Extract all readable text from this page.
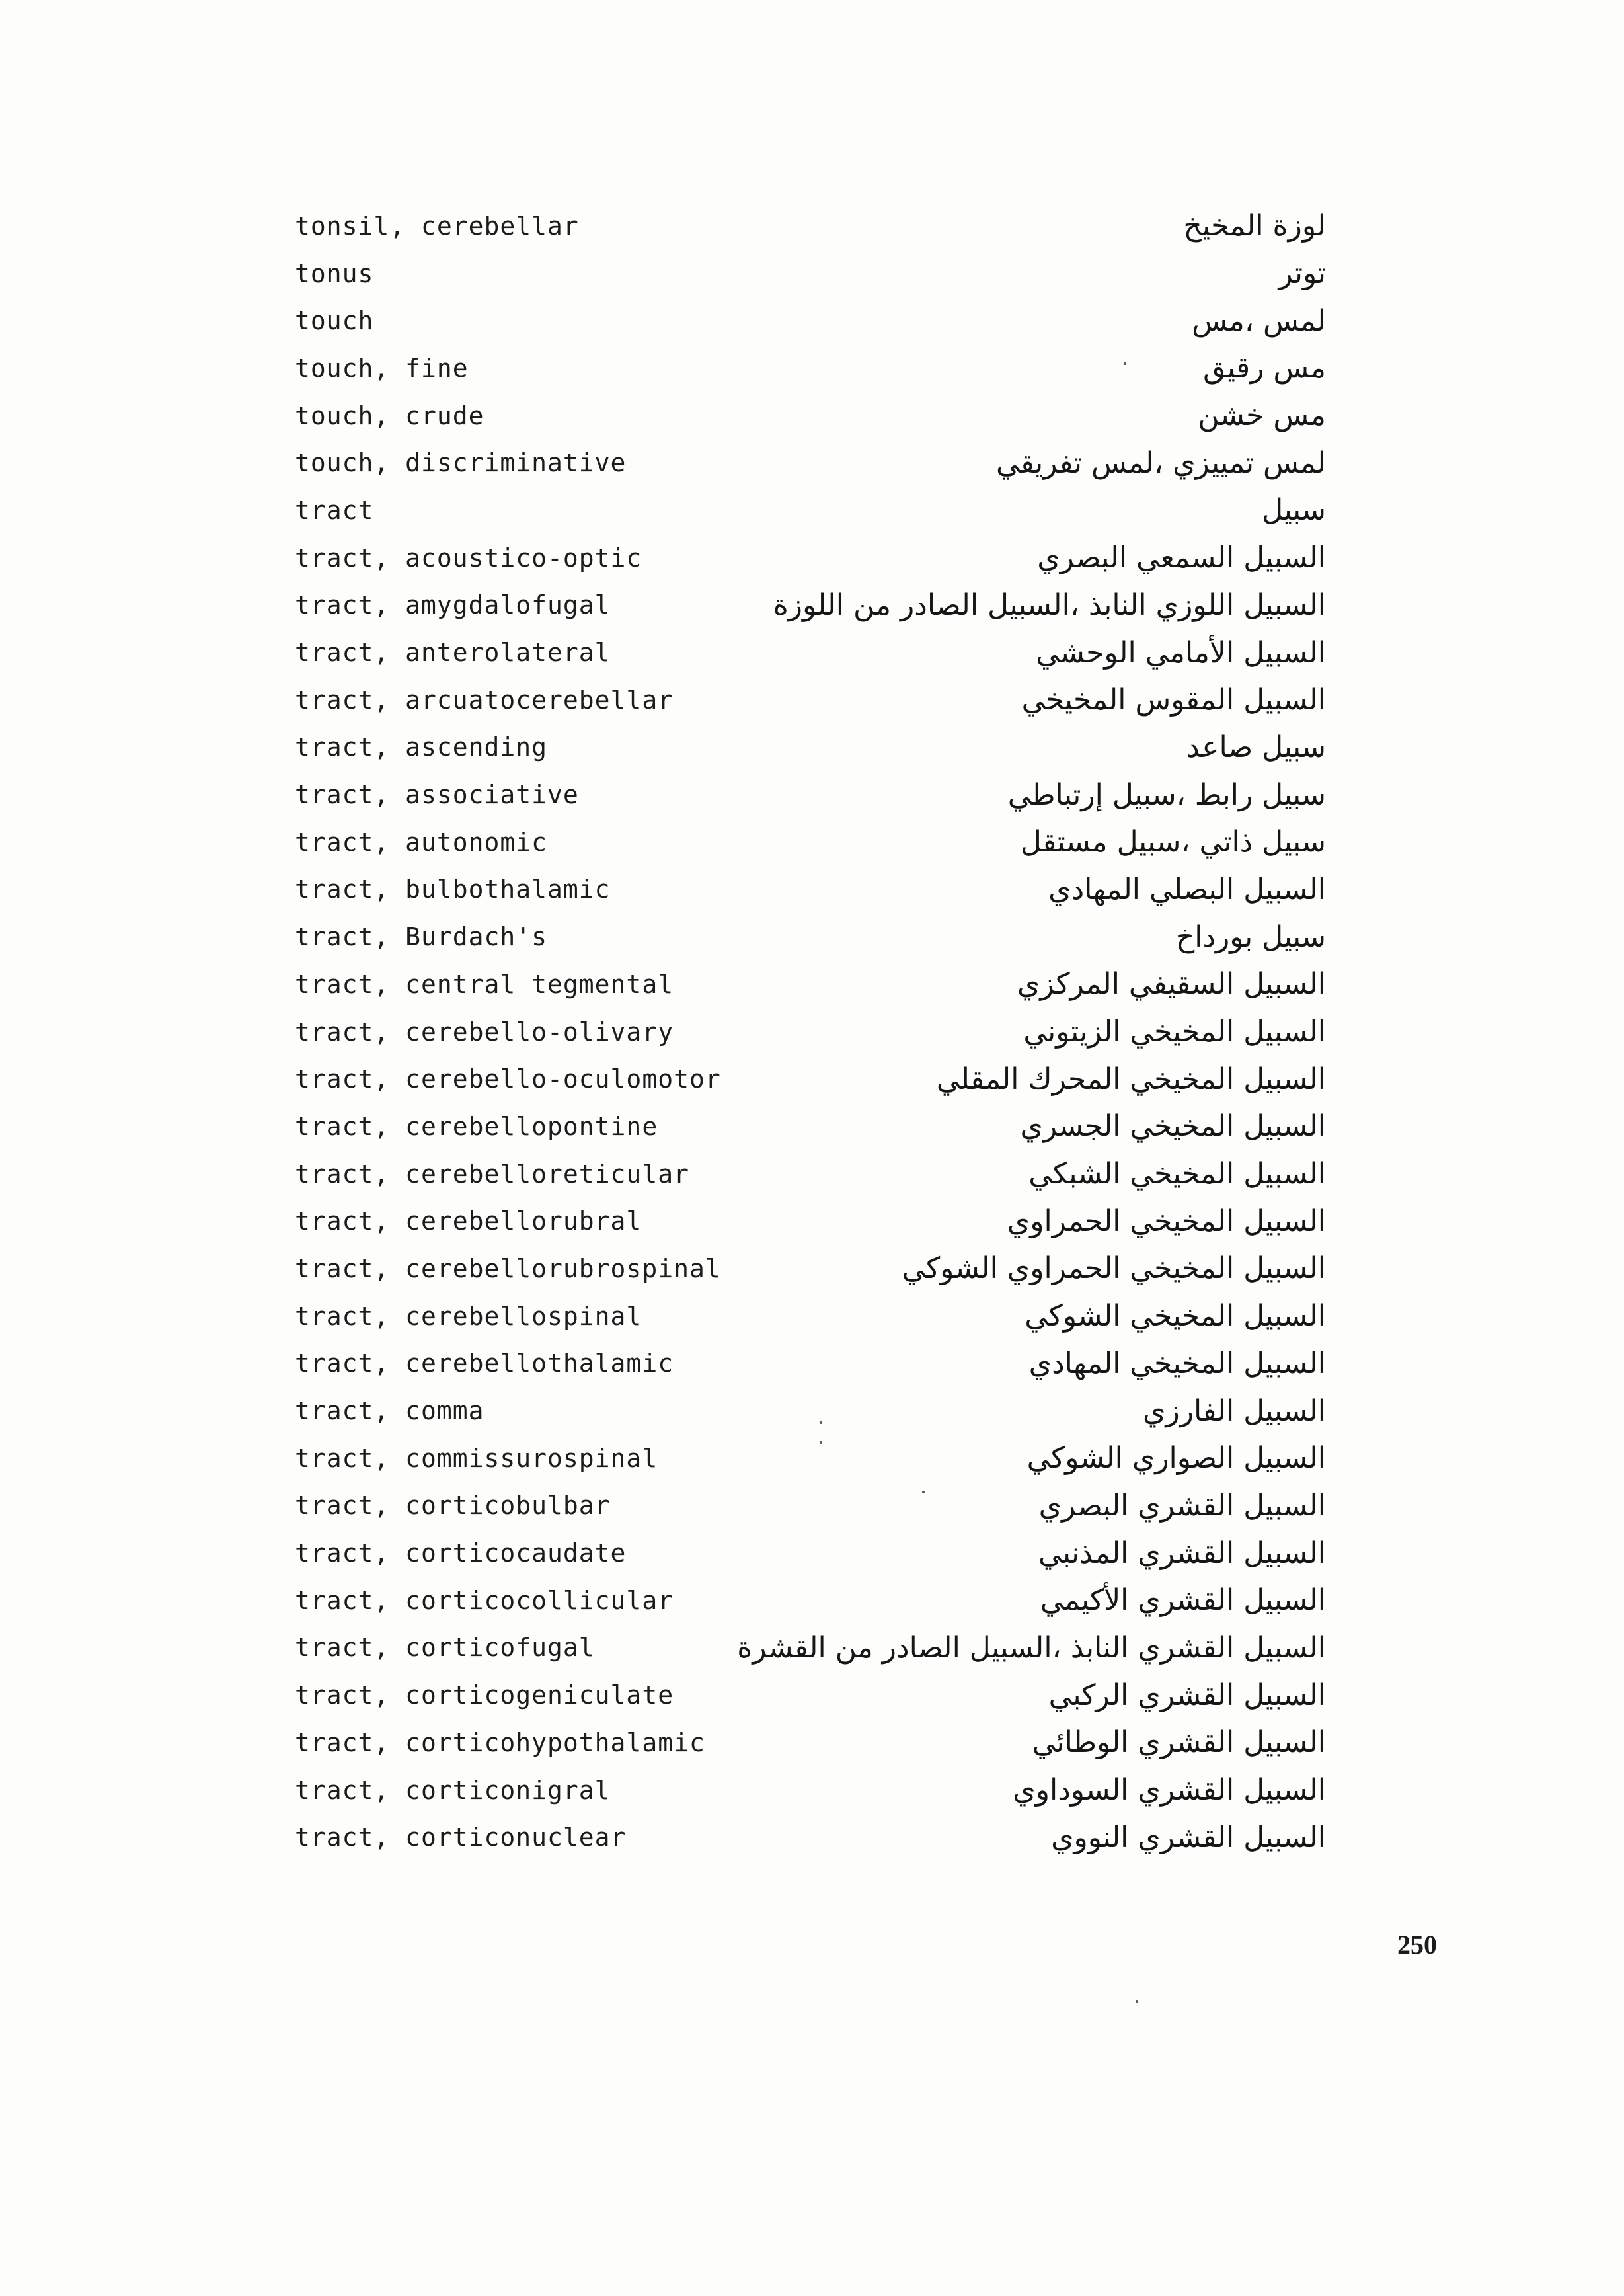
tonsil, cerebellar	لوزة المخيخ
tonus	توتر
touch	لمس ،مس
touch, fine	مس رقيق
touch, crude	مس خشن
touch, discriminative	لمس تمييزي ،لمس تفريقي
tract	سبيل
tract, acoustico-optic	السبيل السمعي البصري
tract, amygdalofugal	السبيل اللوزي النابذ ،السبيل الصادر من اللوزة
tract, anterolateral	السبيل الأمامي الوحشي
tract, arcuatocerebellar	السبيل المقوس المخيخي
tract, ascending	سبيل صاعد
tract, associative	سبيل رابط ،سبيل إرتباطي
tract, autonomic	سبيل ذاتي ،سبيل مستقل
tract, bulbothalamic	السبيل البصلي المهادي
tract, Burdach's	سبيل بورداخ
tract, central tegmental	السبيل السقيفي المركزي
tract, cerebello-olivary	السبيل المخيخي الزيتوني
tract, cerebello-oculomotor	السبيل المخيخي المحرك المقلي
tract, cerebellopontine	السبيل المخيخي الجسري
tract, cerebelloreticular	السبيل المخيخي الشبكي
tract, cerebellorubral	السبيل المخيخي الحمراوي
tract, cerebellorubrospinal	السبيل المخيخي الحمراوي الشوكي
tract, cerebellospinal	السبيل المخيخي الشوكي
tract, cerebellothalamic	السبيل المخيخي المهادي
tract, comma	السبيل الفارزي
tract, commissurospinal	السبيل الصواري الشوكي
tract, corticobulbar	السبيل القشري البصري
tract, corticocaudate	السبيل القشري المذنبي
tract, corticocollicular	السبيل القشري الأكيمي
tract, corticofugal	السبيل القشري النابذ ،السبيل الصادر من القشرة
tract, corticogeniculate	السبيل القشري الركبي
tract, corticohypothalamic	السبيل القشري الوطائي
tract, corticonigral	السبيل القشري السوداوي
tract, corticonuclear	السبيل القشري النووي
250
